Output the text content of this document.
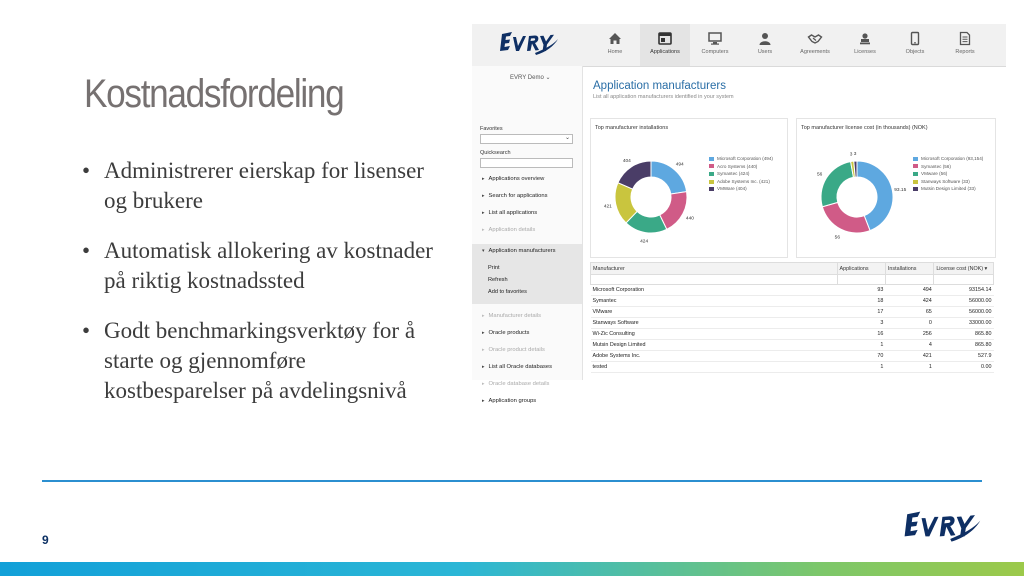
Kostnadsfordeling
• Administrerer eierskap for lisenser og brukere
• Automatisk allokering av kostnader på riktig kostnadssted
• Godt benchmarkingsverktøy for å starte og gjennomføre kostbesparelser på avdelingsnivå
Home	Applications	Computers	Users	Agreements	Licenses	Objects	Reports
EVRY Demo ⌄
Favorites
⌄
Quicksearch
▸ Applications overview
▸ Search for applications
▸ List all applications
▸ Application details
▾ Application manufacturers
Print
Refresh
Add to favorites
▸ Manufacturer details
▸ Oracle products
▸ Oracle product details
▸ List all Oracle databases
▸ Oracle database details
▸ Application groups
Application manufacturers
List all application manufacturers identified in your system
Top manufacturer installations
494
440
424
421
404
Microsoft Corporation (494)
Acro Systems (440)
Symantec (424)
Adobe Systems Inc. (421)
VMWare (404)
Top manufacturer license cost (in thousands) (NOK)
93.15
56
56
3 3
Microsoft Corporation (93,154)
Symantec (56)
VMware (56)
Stanways Software (33)
Mutsin Design Limited (33)
Manufacturer	Applications	Installations	License cost (NOK) ▾

Microsoft Corporation	93	494	93154.14
Symantec	18	424	56000.00
VMware	17	65	56000.00
Stanways Software	3	0	33000.00
Wi-Zic Consulting	16	256	865.80
Mutsin Design Limited	1	4	865.80
Adobe Systems Inc.	70	421	527.9
tested	1	1	0.00
9
